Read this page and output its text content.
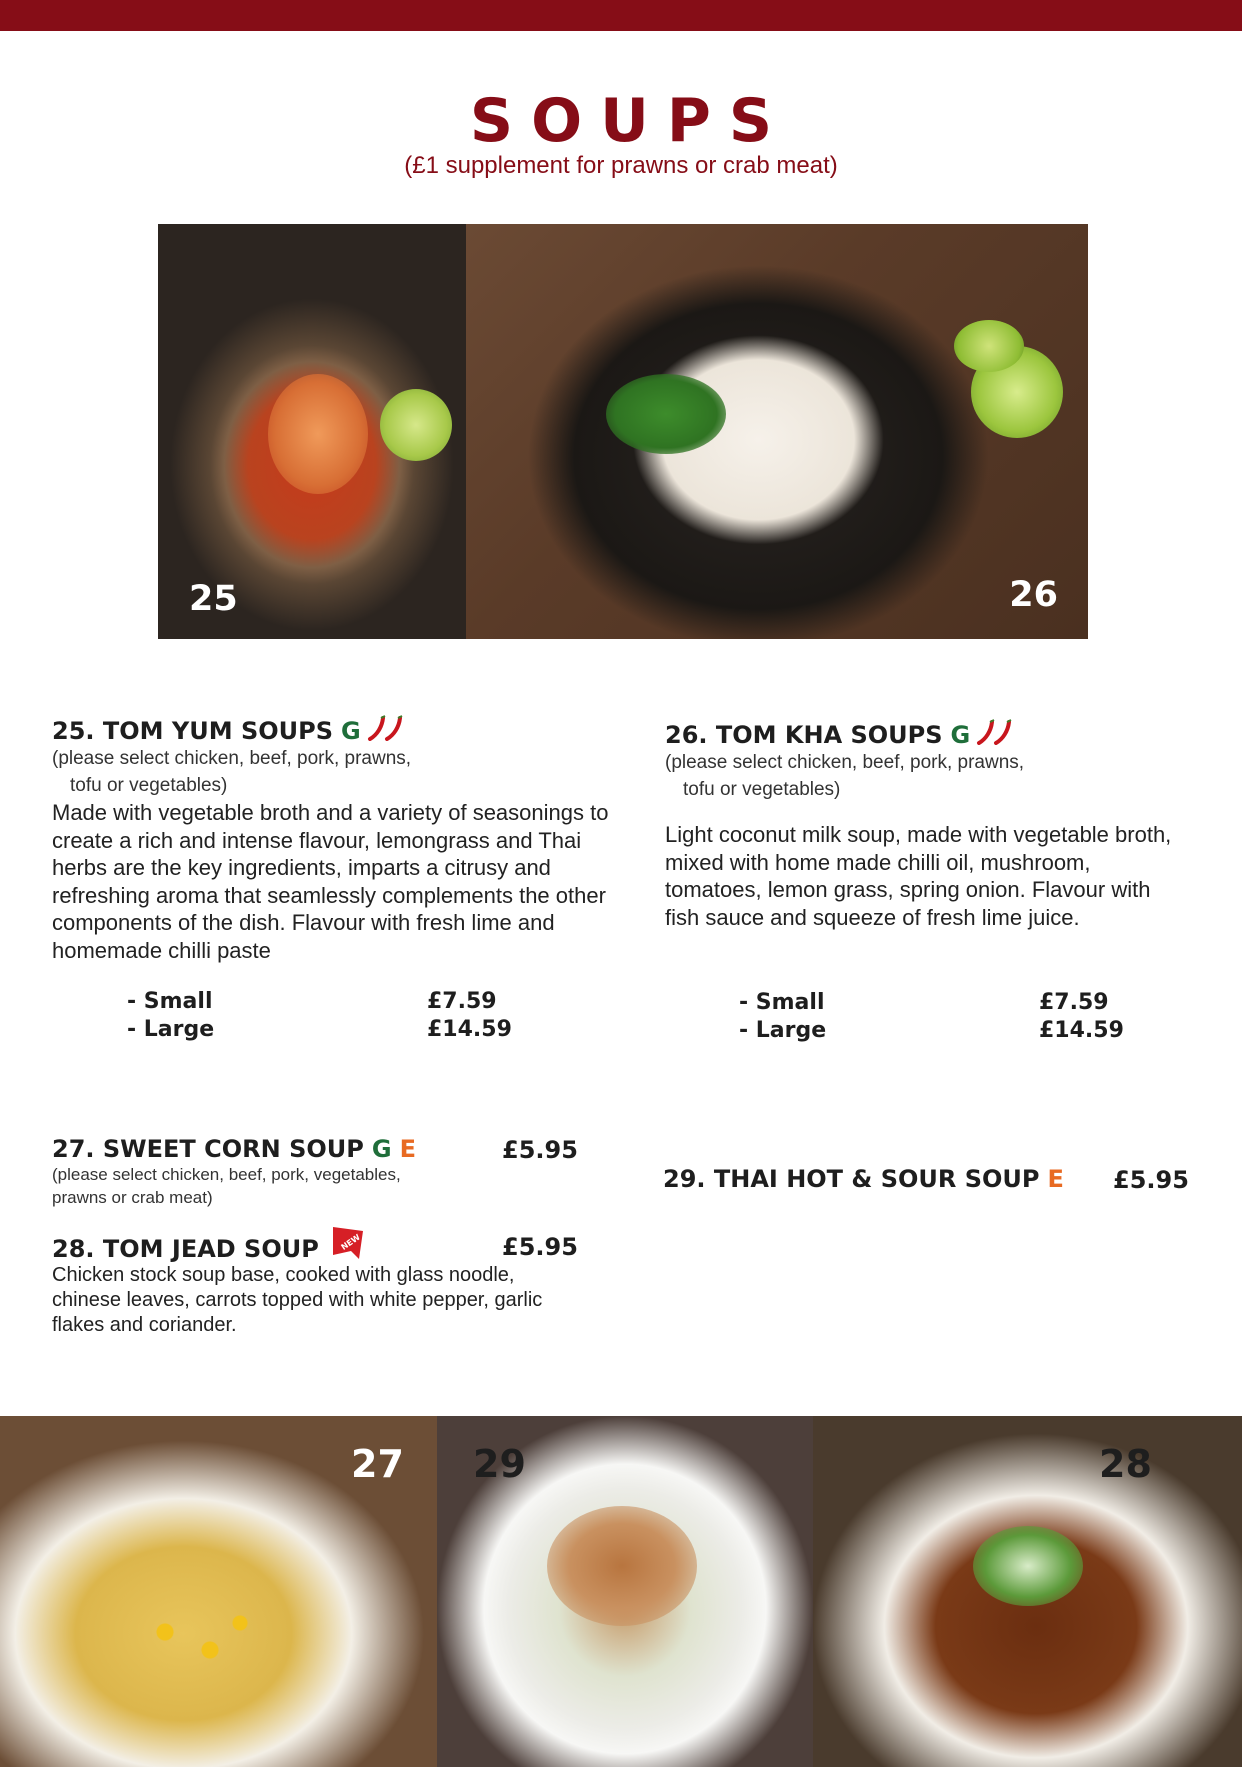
SOUPS
(£1 supplement for prawns or crab meat)
25	26
25. TOM YUM SOUPS G
(please select chicken, beef, pork, prawns,
tofu or vegetables)
Made with vegetable broth and a variety of seasonings to create a rich and intense flavour, lemongrass and Thai herbs are the key ingredients, imparts a citrusy and refreshing aroma that seamlessly complements the other components of the dish. Flavour with fresh lime and homemade chilli paste
- Small	£7.59
- Large	£14.59
26. TOM KHA SOUPS G
(please select chicken, beef, pork, prawns,
tofu or vegetables)
Light coconut milk soup, made with vegetable broth, mixed with home made chilli oil, mushroom, tomatoes, lemon grass, spring onion. Flavour with fish sauce and squeeze of fresh lime juice.
- Small	£7.59
- Large	£14.59
27. SWEET CORN SOUP G E
(please select chicken, beef, pork, vegetables,
prawns or crab meat)
£5.95
28. TOM JEAD SOUP	NEW
Chicken stock soup base, cooked with glass noodle, chinese leaves, carrots topped with white pepper, garlic flakes and coriander.
£5.95
29. THAI HOT & SOUR SOUP E £5.95
27 29	28
